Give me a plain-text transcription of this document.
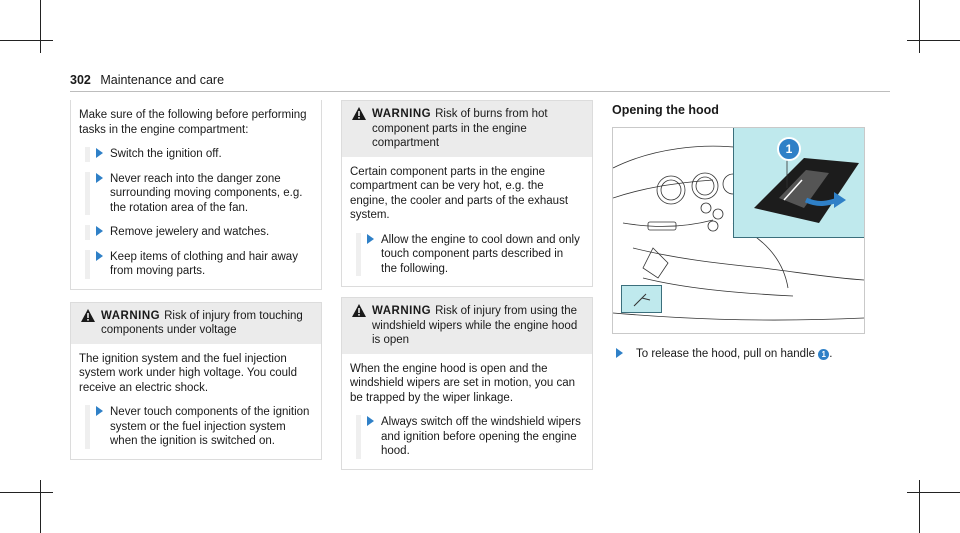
302 Maintenance and care
Make sure of the following before performing tasks in the engine compartment:
Switch the ignition off.
Never reach into the danger zone surrounding moving components, e.g. the rotation area of the fan.
Remove jewelery and watches.
Keep items of clothing and hair away from moving parts.
WARNING Risk of injury from touching components under voltage
The ignition system and the fuel injection system work under high voltage. You could receive an electric shock.
Never touch components of the ignition system or the fuel injection system when the ignition is switched on.
WARNING Risk of burns from hot component parts in the engine compartment
Certain component parts in the engine compartment can be very hot, e.g. the engine, the cooler and parts of the exhaust system.
Allow the engine to cool down and only touch component parts described in the following.
WARNING Risk of injury from using the windshield wipers while the engine hood is open
When the engine hood is open and the windshield wipers are set in motion, you can be trapped by the wiper linkage.
Always switch off the windshield wipers and ignition before opening the engine hood.
Opening the hood
1
To release the hood, pull on handle 1 .
